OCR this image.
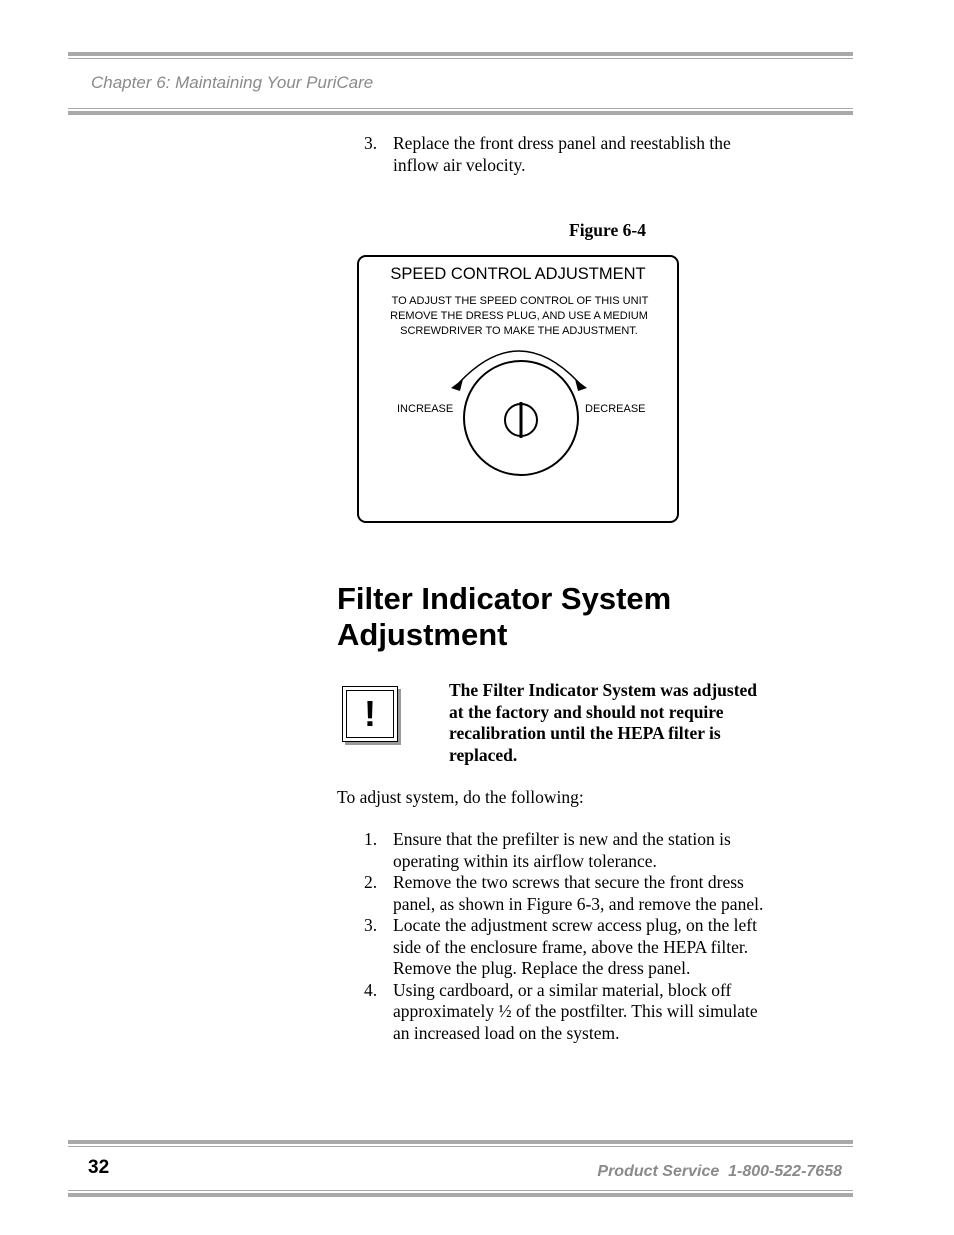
Chapter 6: Maintaining Your PuriCare
3. Replace the front dress panel and reestablish the inflow air velocity.
Figure 6-4
SPEED CONTROL ADJUSTMENT
TO ADJUST THE SPEED CONTROL OF THIS UNIT
REMOVE THE DRESS PLUG, AND USE A MEDIUM
SCREWDRIVER TO MAKE THE ADJUSTMENT.
INCREASE	DECREASE
Filter Indicator System Adjustment
!
The Filter Indicator System was adjusted at the factory and should not require recalibration until the HEPA filter is replaced.
To adjust system, do the following:
1. Ensure that the prefilter is new and the station is operating within its airflow tolerance.
2. Remove the two screws that secure the front dress panel, as shown in Figure 6-3, and remove the panel.
3. Locate the adjustment screw access plug, on the left side of the enclosure frame, above the HEPA filter. Remove the plug. Replace the dress panel.
4. Using cardboard, or a similar material, block off approximately ½ of the postfilter. This will simulate an increased load on the system.
32	Product Service  1-800-522-7658
